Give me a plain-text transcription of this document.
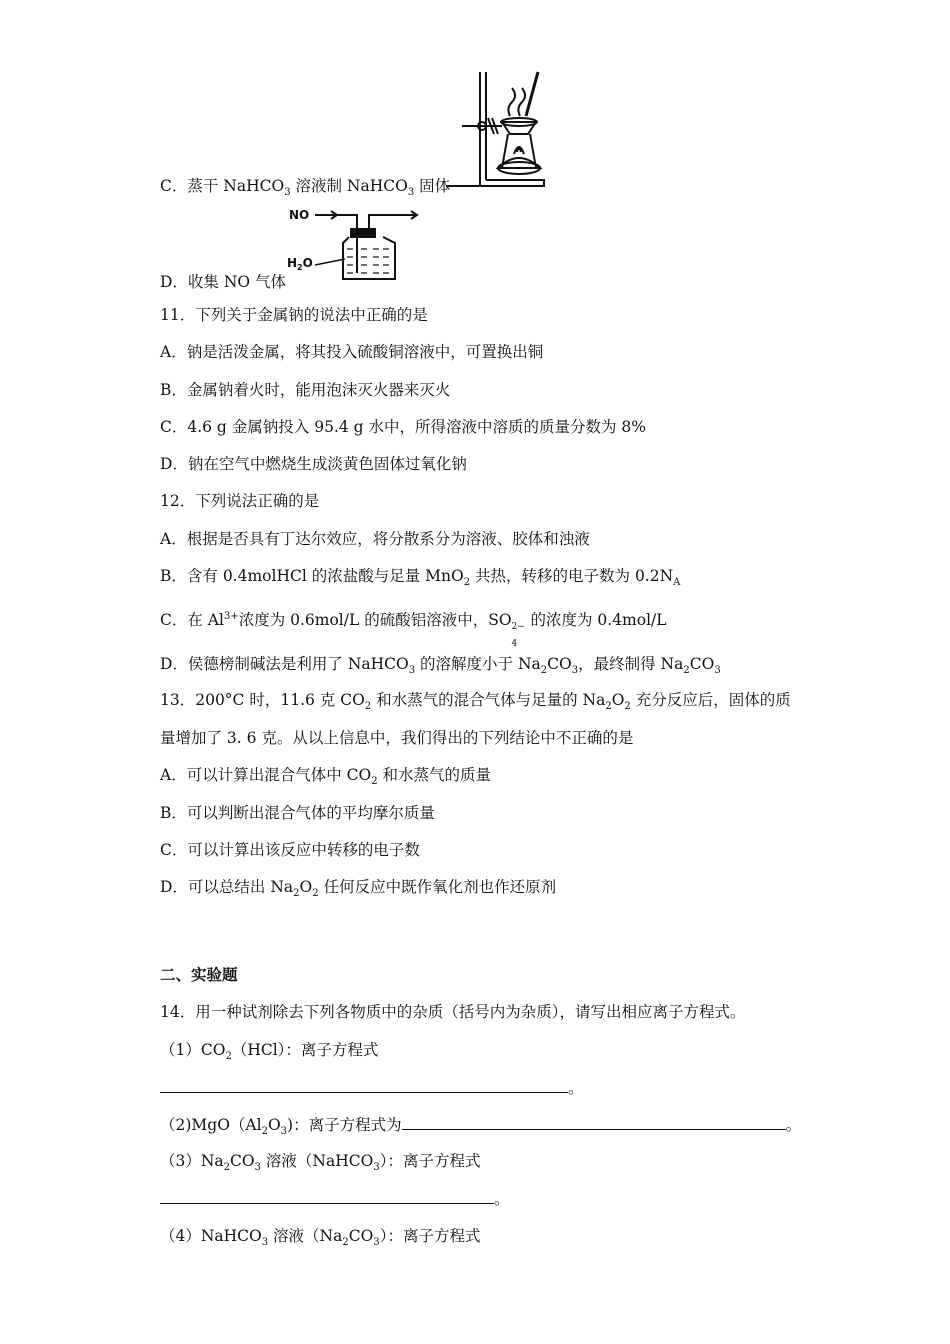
C．蒸干 NaHCO$_3$ 溶液制 NaHCO$_3$ 固体
NO
$H_2O$
D．收集 NO 气体
11．下列关于金属钠的说法中正确的是
A．钠是活泼金属，将其投入硫酸铜溶液中，可置换出铜
B．金属钠着火时，能用泡沫灭火器来灭火
C．4.6 g 金属钠投入 95.4 g 水中，所得溶液中溶质的质量分数为 8%
D．钠在空气中燃烧生成淡黄色固体过氧化钠
12．下列说法正确的是
A．根据是否具有丁达尔效应，将分散系分为溶液、胶体和浊液
B．含有 0.4molHCl 的浓盐酸与足量 MnO$_2$ 共热，转移的电子数为 $0.2N_A$
C．在 $Al^{3+}$浓度为 0.6mol/L 的硫酸铝溶液中，SO 2−
4
的浓度为 0.4mol/L
D．侯德榜制碱法是利用了 NaHCO$_3$ 的溶解度小于 $Na_2CO_3$，最终制得 $Na_2CO_3$
13．200°C 时，11.6 克 $CO_2$ 和水蒸气的混合气体与足量的 $Na_2O_2$ 充分反应后，固体的质
量增加了 3. 6 克。从以上信息中，我们得出的下列结论中不正确的是
A．可以计算出混合气体中 $CO_2$ 和水蒸气的质量
B．可以判断出混合气体的平均摩尔质量
C．可以计算出该反应中转移的电子数
D．可以总结出 $Na_2O_2$ 任何反应中既作氧化剂也作还原剂
二、实验题
14．用一种试剂除去下列各物质中的杂质（括号内为杂质），请写出相应离子方程式。
$(1)CO_2(HCl)$：离子方程式
。
$(2)MgO(Al_2O_3)$：离子方程式为	。
$(3)Na_2CO_3$ 溶液（NaHCO$_3$）：离子方程式
。
（4）NaHCO$_3$ 溶液$(Na_2CO_3)$：离子方程式
